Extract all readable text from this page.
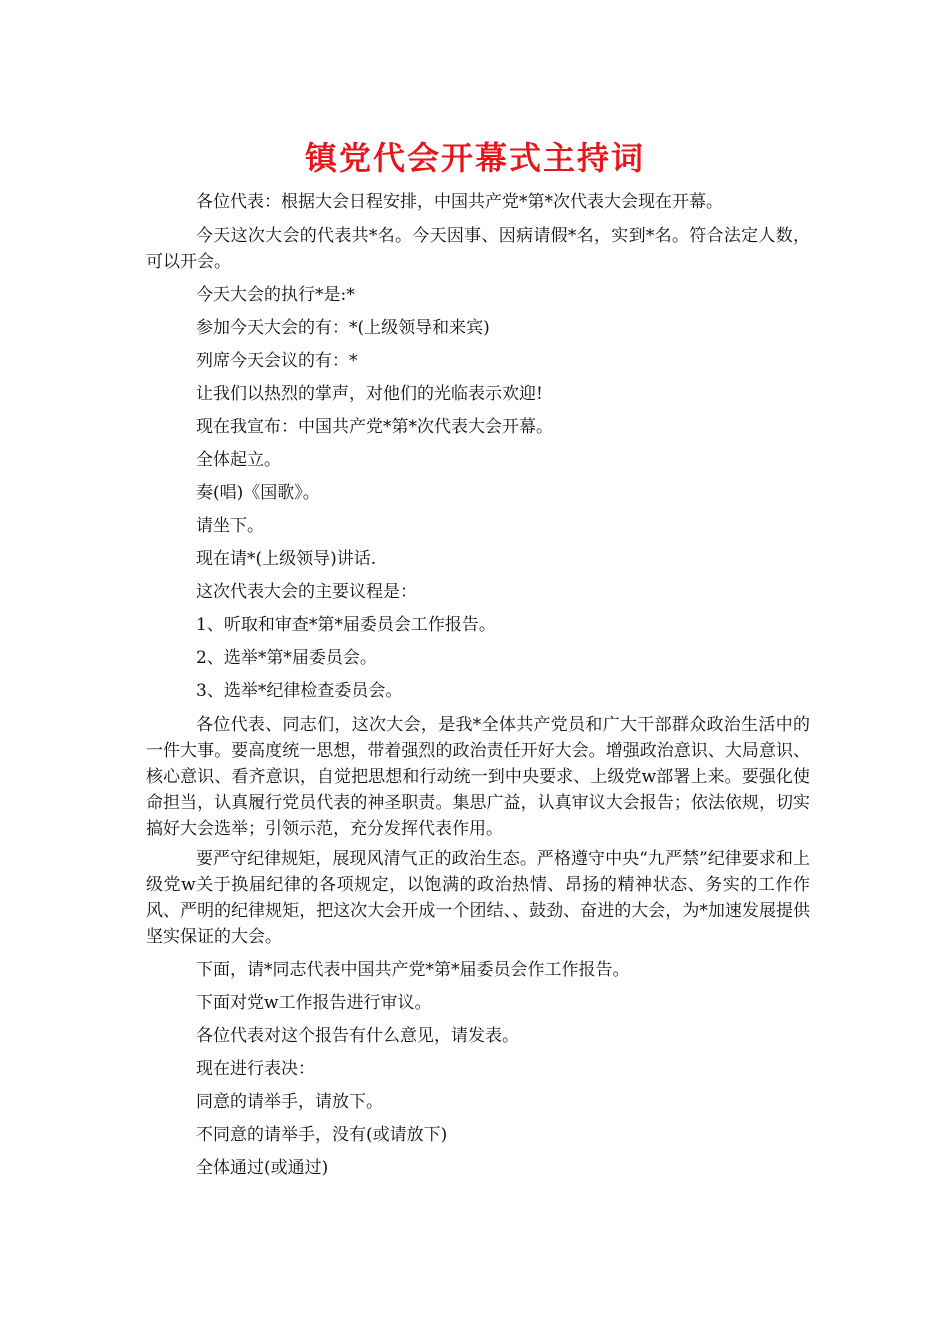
镇党代会开幕式主持词

各位代表：根据大会日程安排，中国共产党*第*次代表大会现在开幕。

今天这次大会的代表共*名。今天因事、因病请假*名，实到*名。符合法定人数，可以开会。

今天大会的执行*是:*

参加今天大会的有：*(上级领导和来宾)

列席今天会议的有：*

让我们以热烈的掌声，对他们的光临表示欢迎!

现在我宣布：中国共产党*第*次代表大会开幕。

全体起立。

奏(唱)《国歌》。

请坐下。

现在请*(上级领导)讲话.

这次代表大会的主要议程是：

1、听取和审查*第*届委员会工作报告。

2、选举*第*届委员会。

3、选举*纪律检查委员会。

各位代表、同志们，这次大会，是我*全体共产党员和广大干部群众政治生活中的一件大事。要高度统一思想，带着强烈的政治责任开好大会。增强政治意识、大局意识、核心意识、看齐意识，自觉把思想和行动统一到中央要求、上级党w部署上来。要强化使命担当，认真履行党员代表的神圣职责。集思广益，认真审议大会报告；依法依规，切实搞好大会选举；引领示范，充分发挥代表作用。

要严守纪律规矩，展现风清气正的政治生态。严格遵守中央“九严禁”纪律要求和上级党w关于换届纪律的各项规定，以饱满的政治热情、昂扬的精神状态、务实的工作作风、严明的纪律规矩，把这次大会开成一个团结、、鼓劲、奋进的大会，为*加速发展提供坚实保证的大会。

下面，请*同志代表中国共产党*第*届委员会作工作报告。

下面对党w工作报告进行审议。

各位代表对这个报告有什么意见，请发表。

现在进行表决：

同意的请举手，请放下。

不同意的请举手，没有(或请放下)

全体通过(或通过)
